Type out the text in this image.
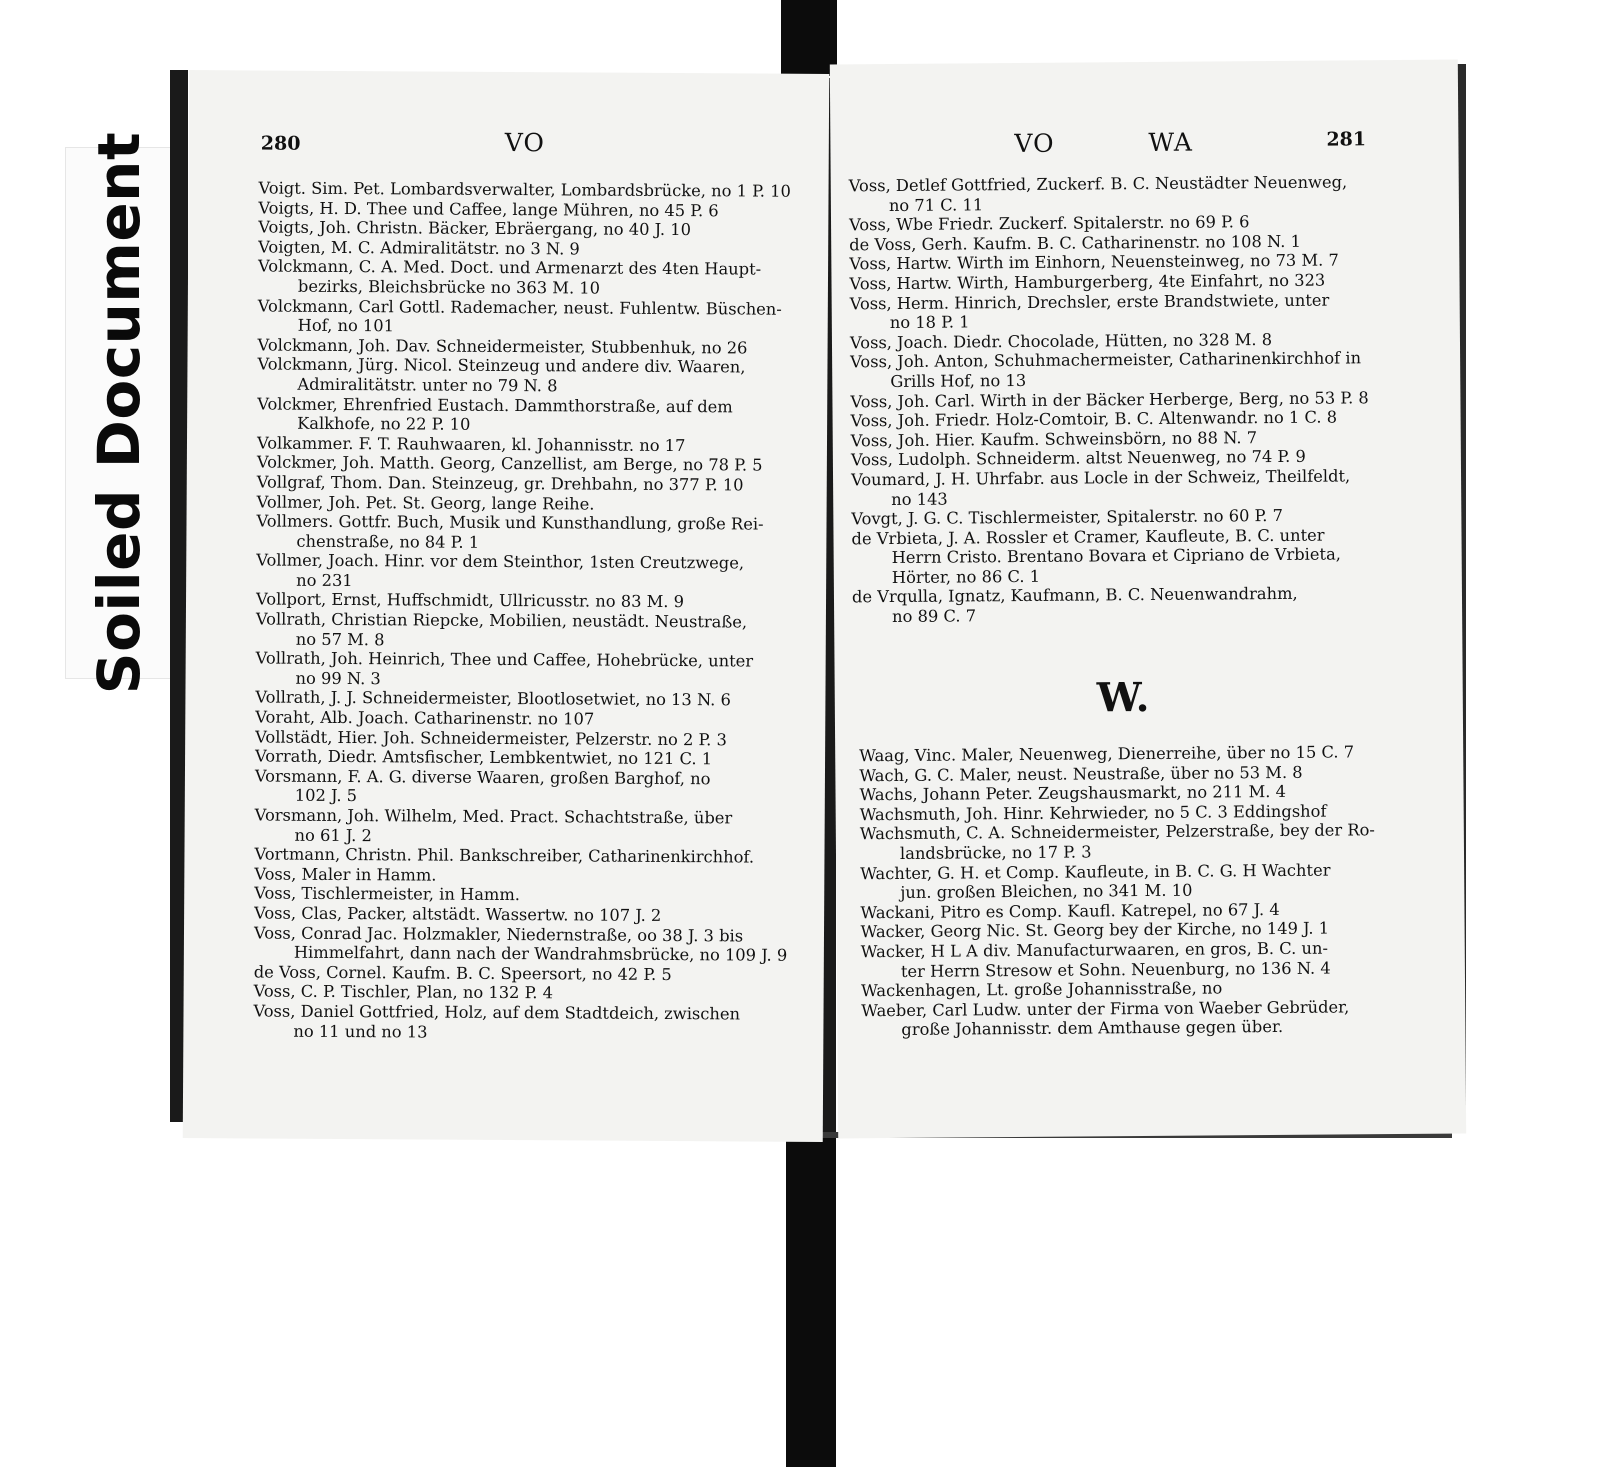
Soiled Document	280	VO
Voigt. Sim. Pet. Lombardsverwalter, Lombardsbrücke, no 1 P. 10
Voigts, H. D. Thee und Caffee, lange Mühren, no 45 P. 6
Voigts, Joh. Christn. Bäcker, Ebräergang, no 40 J. 10
Voigten, M. C. Admiralitätstr. no 3 N. 9
Volckmann, C. A. Med. Doct. und Armenarzt des 4ten Haupt-
bezirks, Bleichsbrücke no 363 M. 10
Volckmann, Carl Gottl. Rademacher, neust. Fuhlentw. Büschen-
Hof, no 101
Volckmann, Joh. Dav. Schneidermeister, Stubbenhuk, no 26
Volckmann, Jürg. Nicol. Steinzeug und andere div. Waaren,
Admiralitätstr. unter no 79 N. 8
Volckmer, Ehrenfried Eustach. Dammthorstraße, auf dem
Kalkhofe, no 22 P. 10
Volkammer. F. T. Rauhwaaren, kl. Johannisstr. no 17
Volckmer, Joh. Matth. Georg, Canzellist, am Berge, no 78 P. 5
Vollgraf, Thom. Dan. Steinzeug, gr. Drehbahn, no 377 P. 10
Vollmer, Joh. Pet. St. Georg, lange Reihe.
Vollmers. Gottfr. Buch, Musik und Kunsthandlung, große Rei-
chenstraße, no 84 P. 1
Vollmer, Joach. Hinr. vor dem Steinthor, 1sten Creutzwege,
no 231
Vollport, Ernst, Huffschmidt, Ullricusstr. no 83 M. 9
Vollrath, Christian Riepcke, Mobilien, neustädt. Neustraße,
no 57 M. 8
Vollrath, Joh. Heinrich, Thee und Caffee, Hohebrücke, unter
no 99 N. 3
Vollrath, J. J. Schneidermeister, Blootlosetwiet, no 13 N. 6
Voraht, Alb. Joach. Catharinenstr. no 107
Vollstädt, Hier. Joh. Schneidermeister, Pelzerstr. no 2 P. 3
Vorrath, Diedr. Amtsfischer, Lembkentwiet, no 121 C. 1
Vorsmann, F. A. G. diverse Waaren, großen Barghof, no
102 J. 5
Vorsmann, Joh. Wilhelm, Med. Pract. Schachtstraße, über
no 61 J. 2
Vortmann, Christn. Phil. Bankschreiber, Catharinenkirchhof.
Voss, Maler in Hamm.
Voss, Tischlermeister, in Hamm.
Voss, Clas, Packer, altstädt. Wassertw. no 107 J. 2
Voss, Conrad Jac. Holzmakler, Niedernstraße, oo 38 J. 3 bis
Himmelfahrt, dann nach der Wandrahmsbrücke, no 109 J. 9
de Voss, Cornel. Kaufm. B. C. Speersort, no 42 P. 5
Voss, C. P. Tischler, Plan, no 132 P. 4
Voss, Daniel Gottfried, Holz, auf dem Stadtdeich, zwischen
no 11 und no 13
VO	WA	281
Voss, Detlef Gottfried, Zuckerf. B. C. Neustädter Neuenweg,
no 71 C. 11
Voss, Wbe Friedr. Zuckerf. Spitalerstr. no 69 P. 6
de Voss, Gerh. Kaufm. B. C. Catharinenstr. no 108 N. 1
Voss, Hartw. Wirth im Einhorn, Neuensteinweg, no 73 M. 7
Voss, Hartw. Wirth, Hamburgerberg, 4te Einfahrt, no 323
Voss, Herm. Hinrich, Drechsler, erste Brandstwiete, unter
no 18 P. 1
Voss, Joach. Diedr. Chocolade, Hütten, no 328 M. 8
Voss, Joh. Anton, Schuhmachermeister, Catharinenkirchhof in
Grills Hof, no 13
Voss, Joh. Carl. Wirth in der Bäcker Herberge, Berg, no 53 P. 8
Voss, Joh. Friedr. Holz-Comtoir, B. C. Altenwandr. no 1 C. 8
Voss, Joh. Hier. Kaufm. Schweinsbörn, no 88 N. 7
Voss, Ludolph. Schneiderm. altst Neuenweg, no 74 P. 9
Voumard, J. H. Uhrfabr. aus Locle in der Schweiz, Theilfeldt,
no 143
Vovgt, J. G. C. Tischlermeister, Spitalerstr. no 60 P. 7
de Vrbieta, J. A. Rossler et Cramer, Kaufleute, B. C. unter
Herrn Cristo. Brentano Bovara et Cipriano de Vrbieta,
Hörter, no 86 C. 1
de Vrqulla, Ignatz, Kaufmann, B. C. Neuenwandrahm,
no 89 C. 7
W.
Waag, Vinc. Maler, Neuenweg, Dienerreihe, über no 15 C. 7
Wach, G. C. Maler, neust. Neustraße, über no 53 M. 8
Wachs, Johann Peter. Zeugshausmarkt, no 211 M. 4
Wachsmuth, Joh. Hinr. Kehrwieder, no 5 C. 3 Eddingshof
Wachsmuth, C. A. Schneidermeister, Pelzerstraße, bey der Ro-
landsbrücke, no 17 P. 3
Wachter, G. H. et Comp. Kaufleute, in B. C. G. H Wachter
jun. großen Bleichen, no 341 M. 10
Wackani, Pitro es Comp. Kaufl. Katrepel, no 67 J. 4
Wacker, Georg Nic. St. Georg bey der Kirche, no 149 J. 1
Wacker, H L A div. Manufacturwaaren, en gros, B. C. un-
ter Herrn Stresow et Sohn. Neuenburg, no 136 N. 4
Wackenhagen, Lt. große Johannisstraße, no
Waeber, Carl Ludw. unter der Firma von Waeber Gebrüder,
große Johannisstr. dem Amthause gegen über.
